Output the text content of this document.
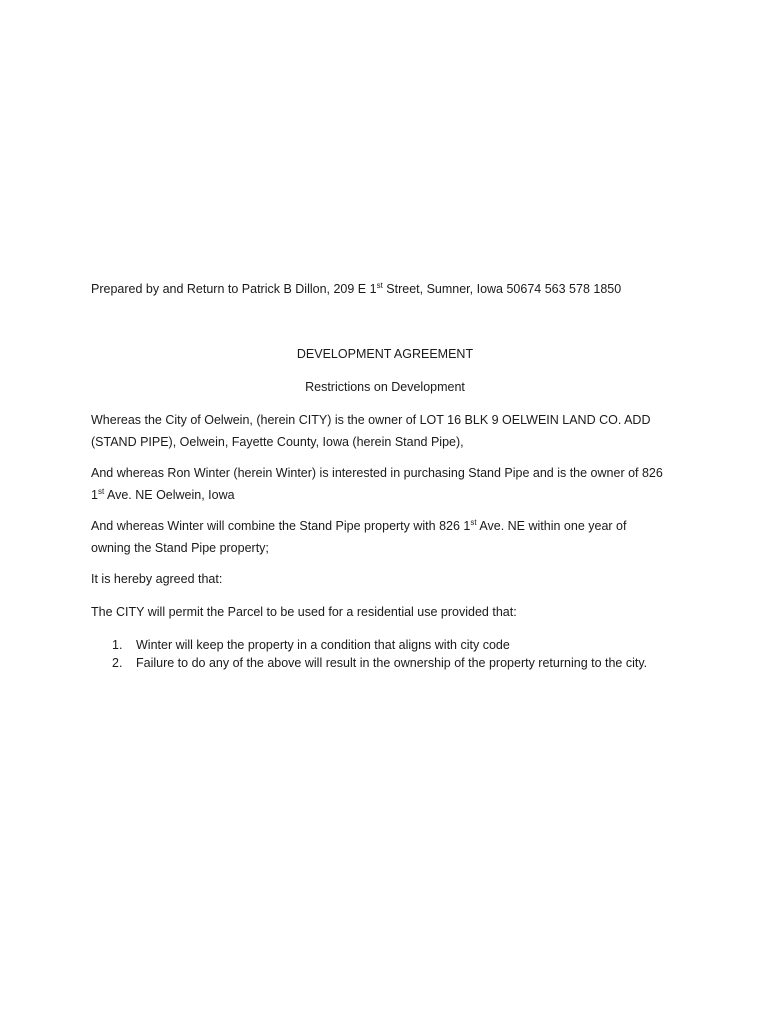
Prepared by and Return to Patrick B Dillon, 209 E 1st Street, Sumner, Iowa 50674 563 578 1850
DEVELOPMENT AGREEMENT
Restrictions on Development
Whereas the City of Oelwein, (herein CITY) is the owner of LOT 16 BLK 9 OELWEIN LAND CO. ADD
(STAND PIPE), Oelwein, Fayette County, Iowa (herein Stand Pipe),
And whereas Ron Winter (herein Winter) is interested in purchasing Stand Pipe and is the owner of 826
1st Ave. NE Oelwein, Iowa
And whereas Winter will combine the Stand Pipe property with 826 1st Ave. NE within one year of
owning the Stand Pipe property;
It is hereby agreed that:
The CITY will permit the Parcel to be used for a residential use provided that:
1. Winter will keep the property in a condition that aligns with city code
2. Failure to do any of the above will result in the ownership of the property returning to the city.
